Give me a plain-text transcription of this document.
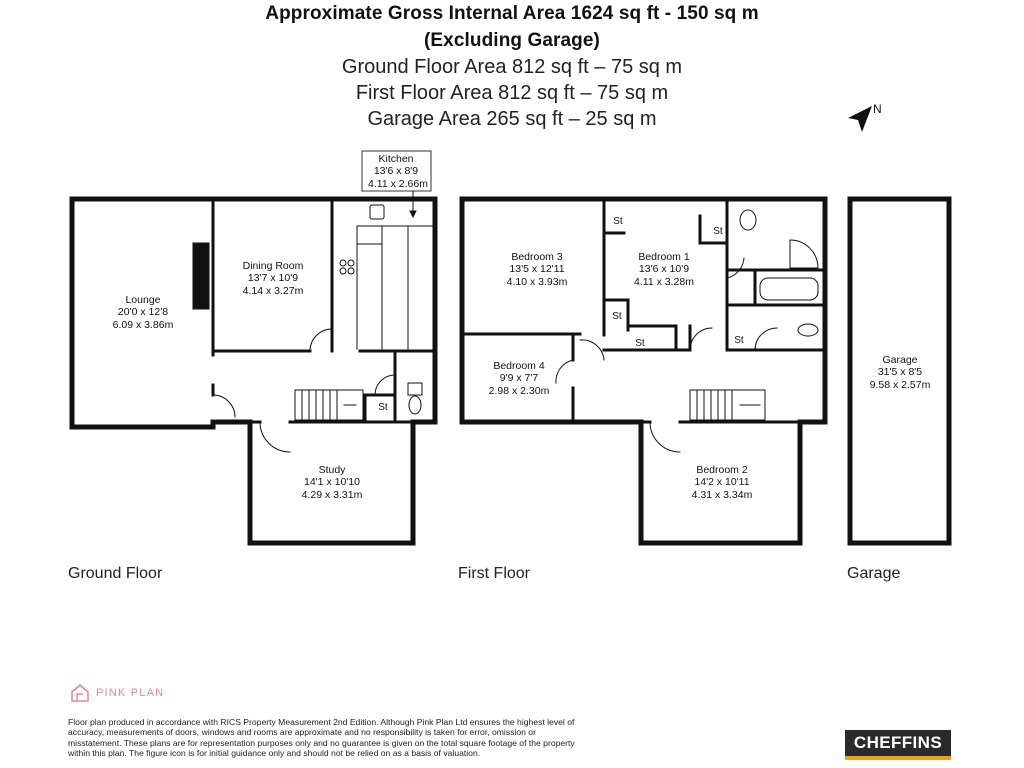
Approximate Gross Internal Area 1624 sq ft - 150 sq m
(Excluding Garage)
Ground Floor Area 812 sq ft – 75 sq m
First Floor Area 812 sq ft – 75 sq m
Garage Area 265 sq ft – 25 sq m	N
Kitchen
13'6 x 8'9
4.11 x 2.66m
Lounge
20'0 x 12'8
6.09 x 3.86m
Dining Room
13'7 x 10'9
4.14 x 3.27m
Study
14'1 x 10'10
4.29 x 3.31m
Bedroom 3
13'5 x 12'11
4.10 x 3.93m
Bedroom 1
13'6 x 10'9
4.11 x 3.28m
Bedroom 4
9'9 x 7'7
2.98 x 2.30m
Bedroom 2
14'2 x 10'11
4.31 x 3.34m
Garage
31'5 x 8'5
9.58 x 2.57m
St
St
St
St
St	St
Ground Floor	First Floor	Garage
PINK PLAN
Floor plan produced in accordance with RICS Property Measurement 2nd Edition. Although Pink Plan Ltd ensures the highest level of accuracy, measurements of doors, windows and rooms are approximate and no responsibility is taken for error, omission or misstatement. These plans are for representation purposes only and no guarantee is given on the total square footage of the property within this plan. The figure icon is for initial guidance only and should not be relied on as a basis of valuation.
CHEFFINS
